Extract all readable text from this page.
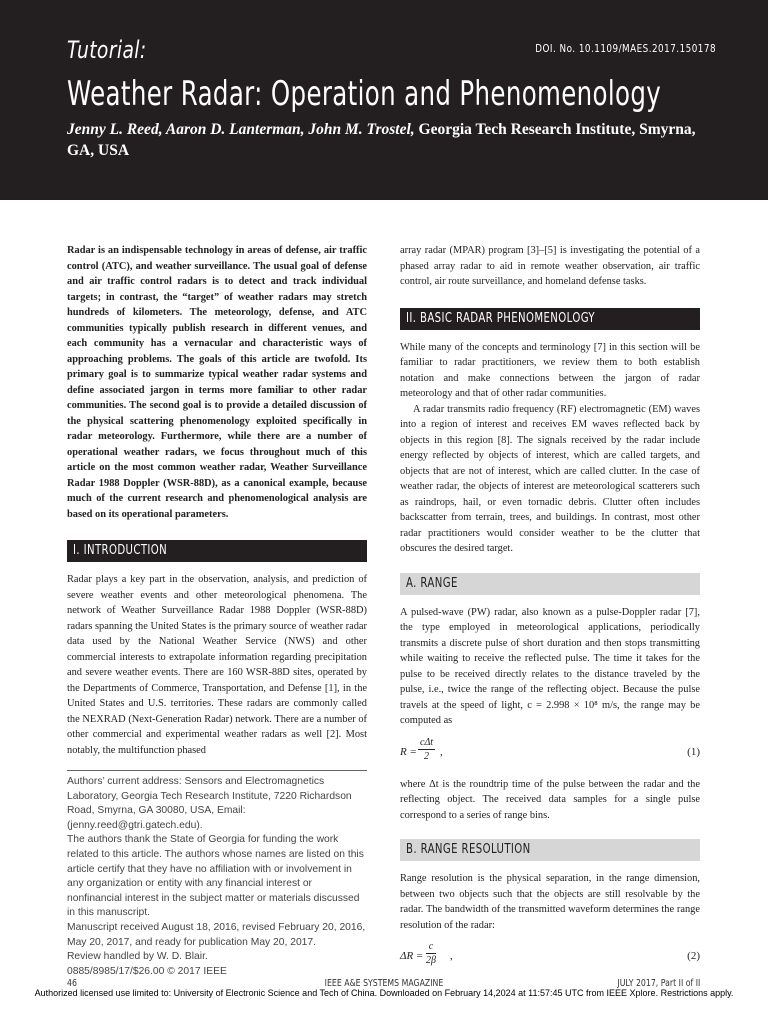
Tutorial:	DOI. No. 10.1109/MAES.2017.150178
Weather Radar: Operation and Phenomenology
Jenny L. Reed, Aaron D. Lanterman, John M. Trostel, Georgia Tech Research Institute, Smyrna, GA, USA

Radar is an indispensable technology in areas of defense, air traffic control (ATC), and weather surveillance. The usual goal of defense and air traffic control radars is to detect and track individual targets; in contrast, the “target” of weather radars may stretch hundreds of kilometers. The meteorology, defense, and ATC communities typically publish research in different venues, and each community has a vernacular and characteristic ways of approaching problems. The goals of this article are twofold. Its primary goal is to summarize typical weather radar systems and define associated jargon in terms more familiar to other radar communities. The second goal is to provide a detailed discussion of the physical scattering phenomenology exploited specifically in radar meteorology. Furthermore, while there are a number of operational weather radars, we focus throughout much of this article on the most common weather radar, Weather Surveillance Radar 1988 Doppler (WSR-88D), as a canonical example, because much of the current research and phenomenological analysis are based on its operational parameters.

I. INTRODUCTION

Radar plays a key part in the observation, analysis, and prediction of severe weather events and other meteorological phenomena. The network of Weather Surveillance Radar 1988 Doppler (WSR-88D) radars spanning the United States is the primary source of weather radar data used by the National Weather Service (NWS) and other commercial interests to extrapolate information regarding precipitation and severe weather events. There are 160 WSR-88D sites, operated by the Departments of Commerce, Transportation, and Defense [1], in the United States and U.S. territories. These radars are commonly called the NEXRAD (Next-Generation Radar) network. There are a number of other commercial and experimental weather radars as well [2]. Most notably, the multifunction phased

Authors’ current address: Sensors and Electromagnetics Laboratory, Georgia Tech Research Institute, 7220 Richardson Road, Smyrna, GA 30080, USA, Email: (jenny.reed@gtri.gatech.edu).

The authors thank the State of Georgia for funding the work related to this article. The authors whose names are listed on this article certify that they have no affiliation with or involvement in any organization or entity with any financial interest or nonfinancial interest in the subject matter or materials discussed in this manuscript.

Manuscript received August 18, 2016, revised February 20, 2016, May 20, 2017, and ready for publication May 20, 2017.

Review handled by W. D. Blair.

0885/8985/17/$26.00 © 2017 IEEE

array radar (MPAR) program [3]–[5] is investigating the potential of a phased array radar to aid in remote weather observation, air traffic control, air route surveillance, and homeland defense tasks.

II. BASIC RADAR PHENOMENOLOGY

While many of the concepts and terminology [7] in this section will be familiar to radar practitioners, we review them to both establish notation and make connections between the jargon of radar meteorology and that of other radar communities.

A radar transmits radio frequency (RF) electromagnetic (EM) waves into a region of interest and receives EM waves reflected back by objects in this region [8]. The signals received by the radar include energy reflected by objects of interest, which are called targets, and objects that are not of interest, which are called clutter. In the case of weather radar, the objects of interest are meteorological scatterers such as raindrops, hail, or even tornadic debris. Clutter often includes backscatter from terrain, trees, and buildings. In contrast, most other radar practitioners would consider weather to be the clutter that obscures the desired target.

A. RANGE

A pulsed-wave (PW) radar, also known as a pulse-Doppler radar [7], the type employed in meteorological applications, periodically transmits a discrete pulse of short duration and then stops transmitting while waiting to receive the reflected pulse. The time it takes for the pulse to be received directly relates to the distance traveled by the pulse, i.e., twice the range of the reflecting object. Because the pulse travels at the speed of light, c = 2.998 × 10⁸ m/s, the range may be computed as

R =
cΔt
2 ,	(1)

where Δt is the roundtrip time of the pulse between the radar and the reflecting object. The received data samples for a single pulse correspond to a series of range bins.

B. RANGE RESOLUTION

Range resolution is the physical separation, in the range dimension, between two objects such that the objects are still resolvable by the radar. The bandwidth of the transmitted waveform determines the range resolution of the radar:

$\Delta R = \frac{c}{2\beta}$ ,	(2)
46	IEEE A&E SYSTEMS MAGAZINE	JULY 2017, Part II of II
Authorized licensed use limited to: University of Electronic Science and Tech of China. Downloaded on February 14,2024 at 11:57:45 UTC from IEEE Xplore. Restrictions apply.
